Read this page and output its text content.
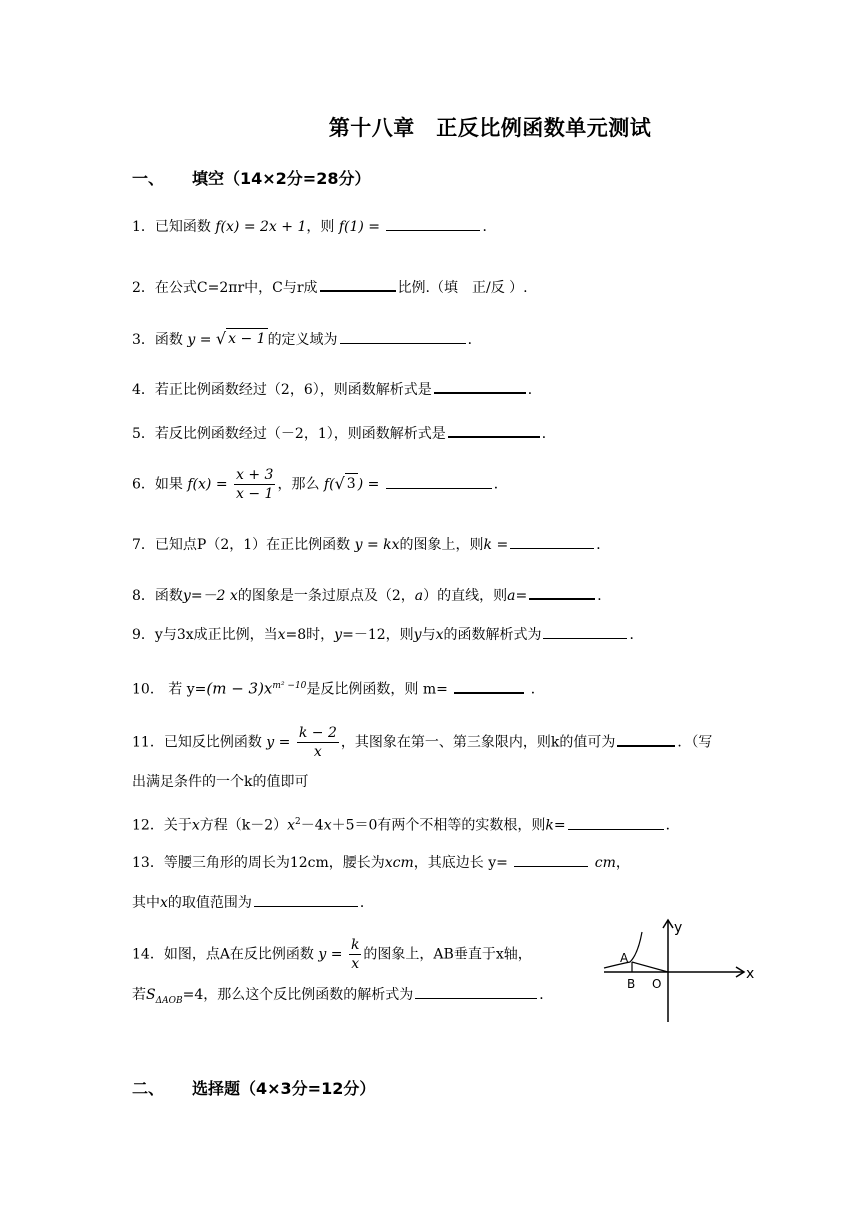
第十八章　正反比例函数单元测试
一、 填空（14×2分=28分）
1．已知函数 f(x) = 2x + 1，则 f(1) =	．
2．在公式C=2πr中，C与r成	比例.（填　正/反 ）.
3．函数 y = √ x − 1 的定义域为	．
4．若正比例函数经过（2，6），则函数解析式是	．
5．若反比例函数经过（－2，1），则函数解析式是	．
6．如果 $f(x) = \frac{x + 3}{x - 1}$ ，那么 f( √ 3 ) =	．
7．已知点P（2，1）在正比例函数 y = kx的图象上，则k =	．
8．函数y=－2 x的图象是一条过原点及（2，a）的直线，则a=	．
9．y与3x成正比例，当x=8时，y=－12，则y与x的函数解析式为	．
10． 若 $y=(m - 3)x^{m^2 -10}$是反比例函数，则 m=	．
11．已知反比例函数 $y = \frac{k - 2}{x}$ ，其图象在第一、第三象限内，则k的值可为	．（写
出满足条件的一个k的值即可
12．关于x方程$(k-2)x^2-4x+5=0$有两个不相等的实数根，则k=	．
13．等腰三角形的周长为12cm，腰长为xcm，其底边长 y=	cm，
其中x的取值范围为	．
14．如图，点A在反比例函数 $y = \frac{k}{x}$ 的图象上，AB垂直于x轴，
若$S_{\Delta AOB}=4$，那么这个反比例函数的解析式为	．
y
x
A
B O
二、 选择题（4×3分=12分）
